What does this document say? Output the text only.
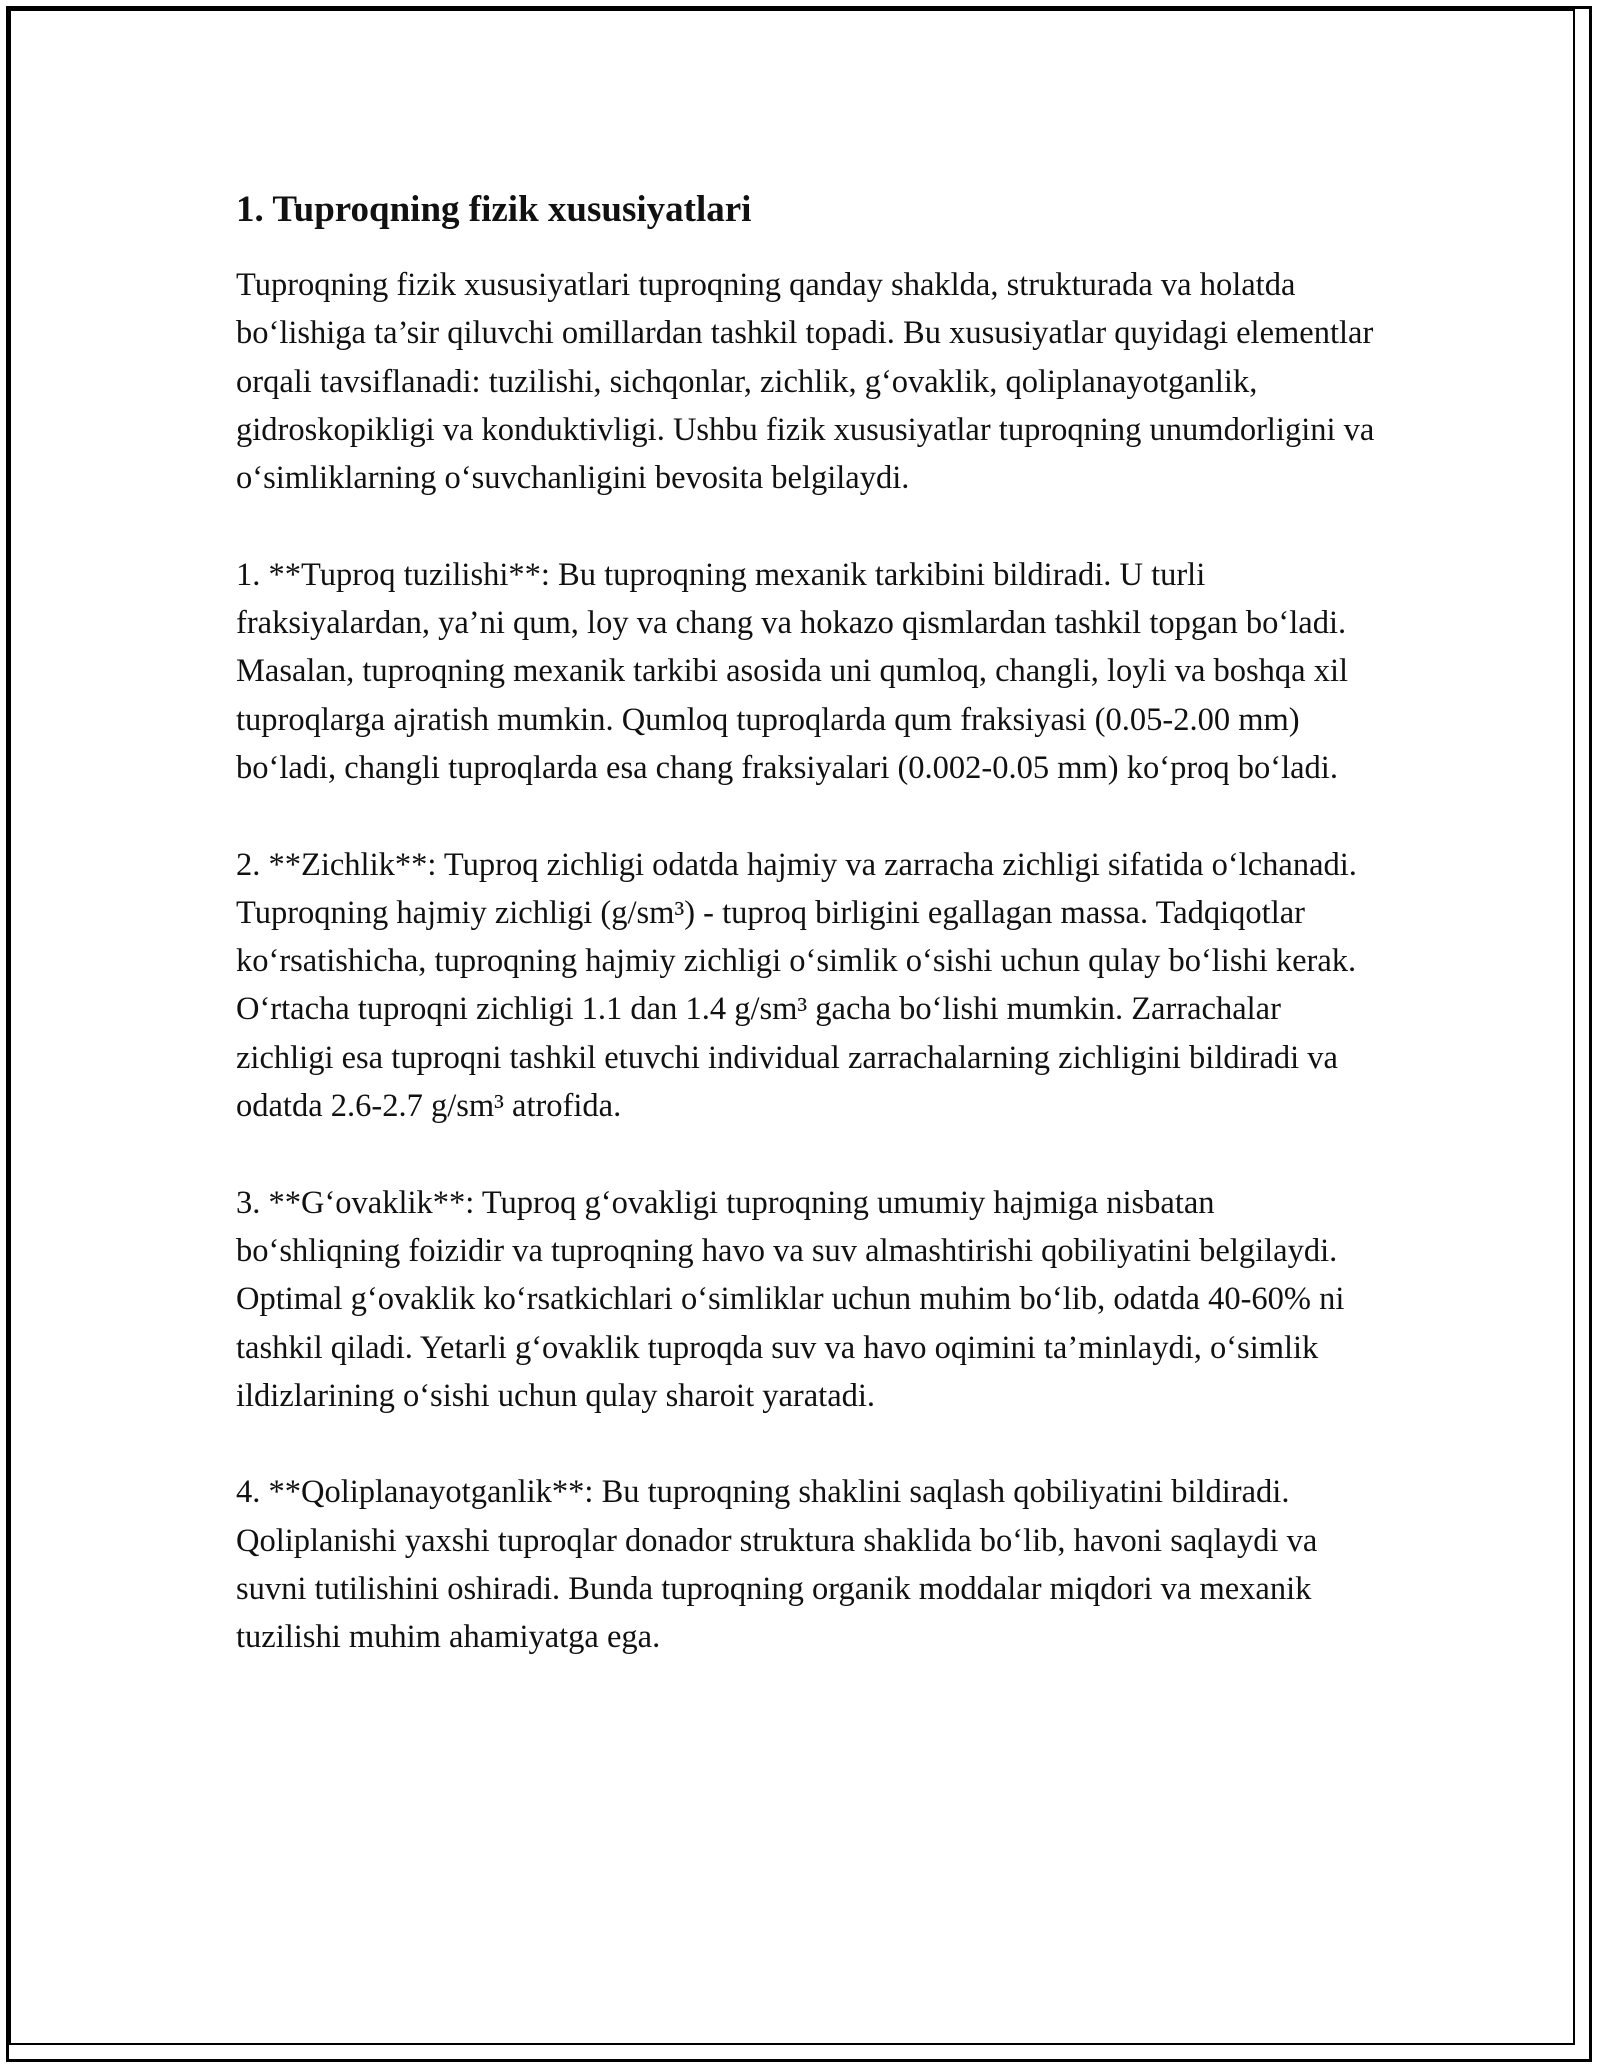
1. Tuproqning fizik xususiyatlari

Tuproqning fizik xususiyatlari tuproqning qanday shaklda, strukturada va holatda bo‘lishiga ta’sir qiluvchi omillardan tashkil topadi. Bu xususiyatlar quyidagi elementlar orqali tavsiflanadi: tuzilishi, sichqonlar, zichlik, g‘ovaklik, qoliplanayotganlik, gidroskopikligi va konduktivligi. Ushbu fizik xususiyatlar tuproqning unumdorligini va o‘simliklarning o‘suvchanligini bevosita belgilaydi.

1. **Tuproq tuzilishi**: Bu tuproqning mexanik tarkibini bildiradi. U turli fraksiyalardan, ya’ni qum, loy va chang va hokazo qismlardan tashkil topgan bo‘ladi. Masalan, tuproqning mexanik tarkibi asosida uni qumloq, changli, loyli va boshqa xil tuproqlarga ajratish mumkin. Qumloq tuproqlarda qum fraksiyasi (0.05-2.00 mm) bo‘ladi, changli tuproqlarda esa chang fraksiyalari (0.002-0.05 mm) ko‘proq bo‘ladi.

2. **Zichlik**: Tuproq zichligi odatda hajmiy va zarracha zichligi sifatida o‘lchanadi. Tuproqning hajmiy zichligi (g/sm³) - tuproq birligini egallagan massa. Tadqiqotlar ko‘rsatishicha, tuproqning hajmiy zichligi o‘simlik o‘sishi uchun qulay bo‘lishi kerak. O‘rtacha tuproqni zichligi 1.1 dan 1.4 g/sm³ gacha bo‘lishi mumkin. Zarrachalar zichligi esa tuproqni tashkil etuvchi individual zarrachalarning zichligini bildiradi va odatda 2.6-2.7 g/sm³ atrofida.

3. **G‘ovaklik**: Tuproq g‘ovakligi tuproqning umumiy hajmiga nisbatan bo‘shliqning foizidir va tuproqning havo va suv almashtirishi qobiliyatini belgilaydi. Optimal g‘ovaklik ko‘rsatkichlari o‘simliklar uchun muhim bo‘lib, odatda 40-60% ni tashkil qiladi. Yetarli g‘ovaklik tuproqda suv va havo oqimini ta’minlaydi, o‘simlik ildizlarining o‘sishi uchun qulay sharoit yaratadi.

4. **Qoliplanayotganlik**: Bu tuproqning shaklini saqlash qobiliyatini bildiradi. Qoliplanishi yaxshi tuproqlar donador struktura shaklida bo‘lib, havoni saqlaydi va suvni tutilishini oshiradi. Bunda tuproqning organik moddalar miqdori va mexanik tuzilishi muhim ahamiyatga ega.
